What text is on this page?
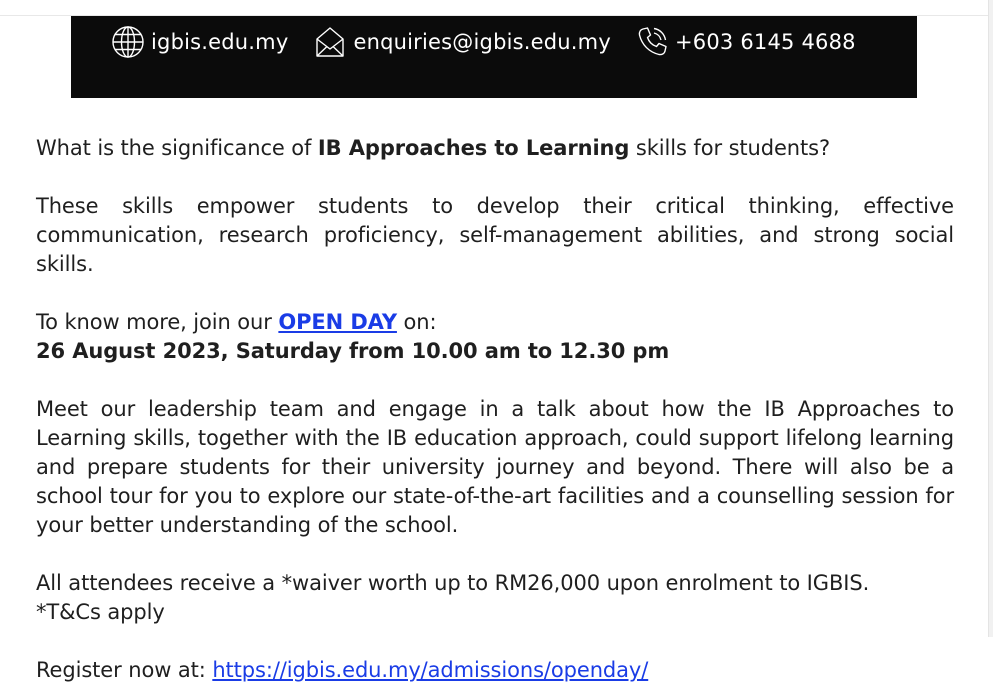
igbis.edu.my	enquiries@igbis.edu.my	+603 6145 4688

What is the significance of IB Approaches to Learning skills for students?

These skills empower students to develop their critical thinking, effective communication, research proficiency, self-management abilities, and strong social skills.

To know more, join our OPEN DAY on:

26 August 2023, Saturday from 10.00 am to 12.30 pm

Meet our leadership team and engage in a talk about how the IB Approaches to Learning skills, together with the IB education approach, could support lifelong learning and prepare students for their university journey and beyond. There will also be a school tour for you to explore our state-of-the-art facilities and a counselling session for your better understanding of the school.

All attendees receive a *waiver worth up to RM26,000 upon enrolment to IGBIS.

*T&Cs apply

Register now at: https://igbis.edu.my/admissions/openday/
